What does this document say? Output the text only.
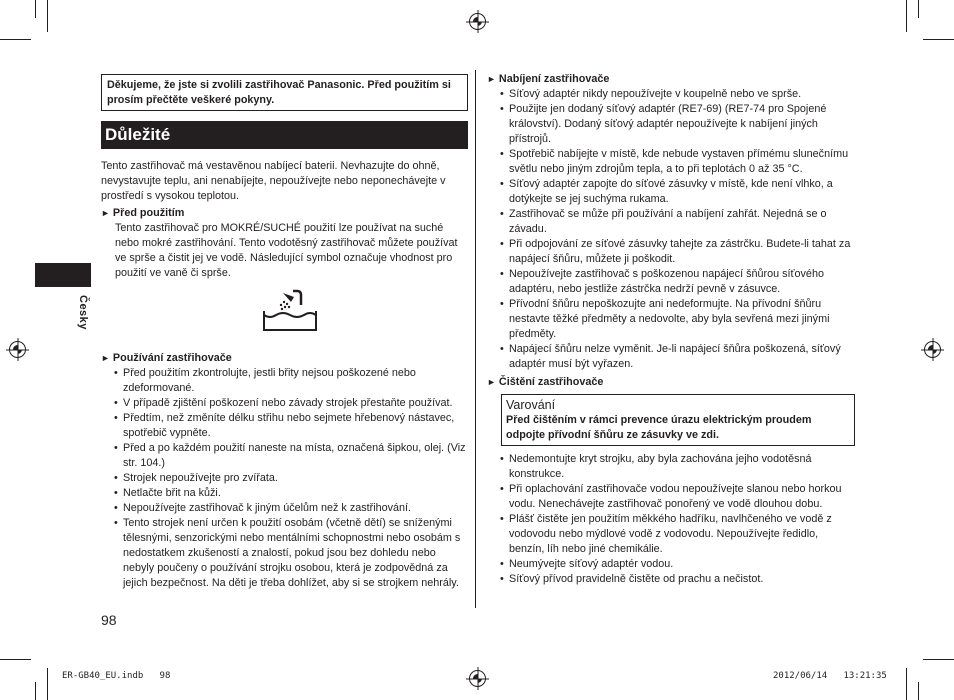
Česky
Děkujeme, že jste si zvolili zastřihovač Panasonic. Před použitím si prosím přečtěte veškeré pokyny.
Důležité

Tento zastřihovač má vestavěnou nabíjecí baterii. Nevhazujte do ohně, nevystavujte teplu, ani nenabíjejte, nepoužívejte nebo neponechávejte v prostředí s vysokou teplotou.

► Před použitím
Tento zastřihovač pro MOKRÉ/SUCHÉ použití lze používat na suché nebo mokré zastřihování. Tento vodotěsný zastřihovač můžete používat ve sprše a čistit jej ve vodě. Následující symbol označuje vhodnost pro použití ve vaně či sprše.
► Používání zastřihovače
• Před použitím zkontrolujte, jestli břity nejsou poškozené nebo zdeformované.
• V případě zjištění poškození nebo závady strojek přestaňte používat.
• Předtím, než změníte délku střihu nebo sejmete hřebenový nástavec, spotřebič vypněte.
• Před a po každém použití naneste na místa, označená šipkou, olej. (Viz str. 104.)
• Strojek nepoužívejte pro zvířata.
• Netlačte břit na kůži.
• Nepoužívejte zastřihovač k jiným účelům než k zastřihování.
• Tento strojek není určen k použití osobám (včetně dětí) se sníženými tělesnými, senzorickými nebo mentálními schopnostmi nebo osobám s nedostatkem zkušeností a znalostí, pokud jsou bez dohledu nebo nebyly poučeny o používání strojku osobou, která je zodpovědná za jejich bezpečnost. Na děti je třeba dohlížet, aby si se strojkem nehrály.
► Nabíjení zastřihovače
• Síťový adaptér nikdy nepoužívejte v koupelně nebo ve sprše.
• Použijte jen dodaný síťový adaptér (RE7-69) (RE7-74 pro Spojené království). Dodaný síťový adaptér nepoužívejte k nabíjení jiných přístrojů.
• Spotřebič nabíjejte v místě, kde nebude vystaven přímému slunečnímu světlu nebo jiným zdrojům tepla, a to při teplotách 0 až 35 °C.
• Síťový adaptér zapojte do síťové zásuvky v místě, kde není vlhko, a dotýkejte se jej suchýma rukama.
• Zastřihovač se může při používání a nabíjení zahřát. Nejedná se o závadu.
• Při odpojování ze síťové zásuvky tahejte za zástrčku. Budete-li tahat za napájecí šňůru, můžete ji poškodit.
• Nepoužívejte zastřihovač s poškozenou napájecí šňůrou síťového adaptéru, nebo jestliže zástrčka nedrží pevně v zásuvce.
• Přívodní šňůru nepoškozujte ani nedeformujte. Na přívodní šňůru nestavte těžké předměty a nedovolte, aby byla sevřená mezi jinými předměty.
• Napájecí šňůru nelze vyměnit. Je-li napájecí šňůra poškozená, síťový adaptér musí být vyřazen.
► Čištění zastřihovače
Varování
Před čištěním v rámci prevence úrazu elektrickým proudem odpojte přívodní šňůru ze zásuvky ve zdi.
• Nedemontujte kryt strojku, aby byla zachována jejho vodotěsná konstrukce.
• Při oplachování zastřihovače vodou nepoužívejte slanou nebo horkou vodu. Nenechávejte zastřihovač ponořený ve vodě dlouhou dobu.
• Plášť čistěte jen použitím měkkého hadříku, navlhčeného ve vodě z vodovodu nebo mýdlové vodě z vodovodu. Nepoužívejte ředidlo, benzín, líh nebo jiné chemikálie.
• Neumývejte síťový adaptér vodou.
• Síťový přívod pravidelně čistěte od prachu a nečistot.
98
ER-GB40_EU.indb   98	2012/06/14   13:21:35
